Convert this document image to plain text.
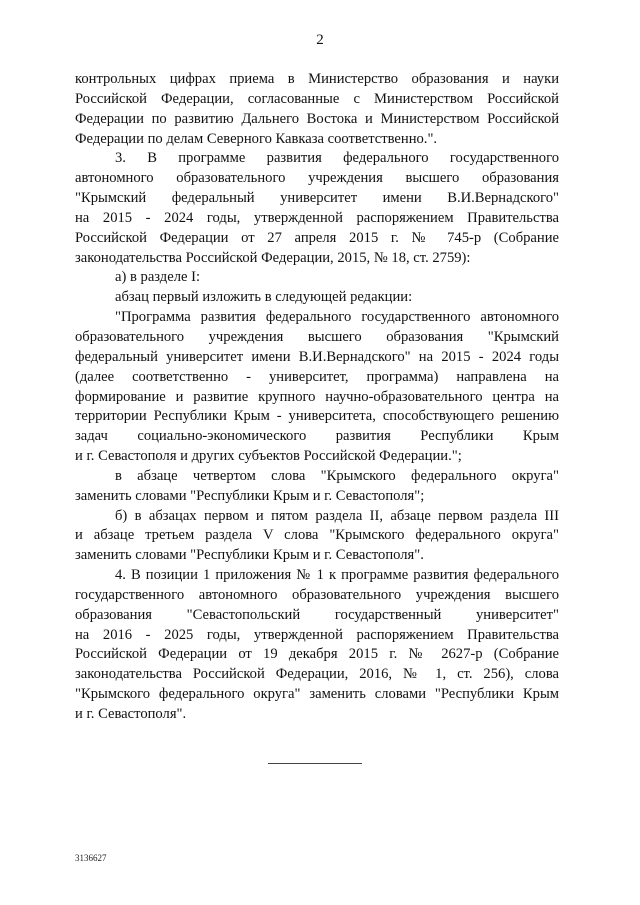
2
контрольных цифрах приема в Министерство образования и науки
Российской Федерации, согласованные с Министерством Российской
Федерации по развитию Дальнего Востока и Министерством Российской
Федерации по делам Северного Кавказа соответственно.".
3. В программе развития федерального государственного
автономного образовательного учреждения высшего образования
"Крымский федеральный университет имени В.И.Вернадского"
на 2015 - 2024 годы, утвержденной распоряжением Правительства
Российской Федерации от 27 апреля 2015 г. № 745-р (Собрание
законодательства Российской Федерации, 2015, № 18, ст. 2759):
а) в разделе I:
абзац первый изложить в следующей редакции:
"Программа развития федерального государственного автономного
образовательного учреждения высшего образования "Крымский
федеральный университет имени В.И.Вернадского" на 2015 - 2024 годы
(далее соответственно - университет, программа) направлена на
формирование и развитие крупного научно-образовательного центра на
территории Республики Крым - университета, способствующего решению
задач социально-экономического развития Республики Крым
и г. Севастополя и других субъектов Российской Федерации.";
в абзаце четвертом слова "Крымского федерального округа"
заменить словами "Республики Крым и г. Севастополя";
б) в абзацах первом и пятом раздела II, абзаце первом раздела III
и абзаце третьем раздела V слова "Крымского федерального округа"
заменить словами "Республики Крым и г. Севастополя".
4. В позиции 1 приложения № 1 к программе развития федерального
государственного автономного образовательного учреждения высшего
образования "Севастопольский государственный университет"
на 2016 - 2025 годы, утвержденной распоряжением Правительства
Российской Федерации от 19 декабря 2015 г. № 2627-р (Собрание
законодательства Российской Федерации, 2016, № 1, ст. 256), слова
"Крымского федерального округа" заменить словами "Республики Крым
и г. Севастополя".
3136627
